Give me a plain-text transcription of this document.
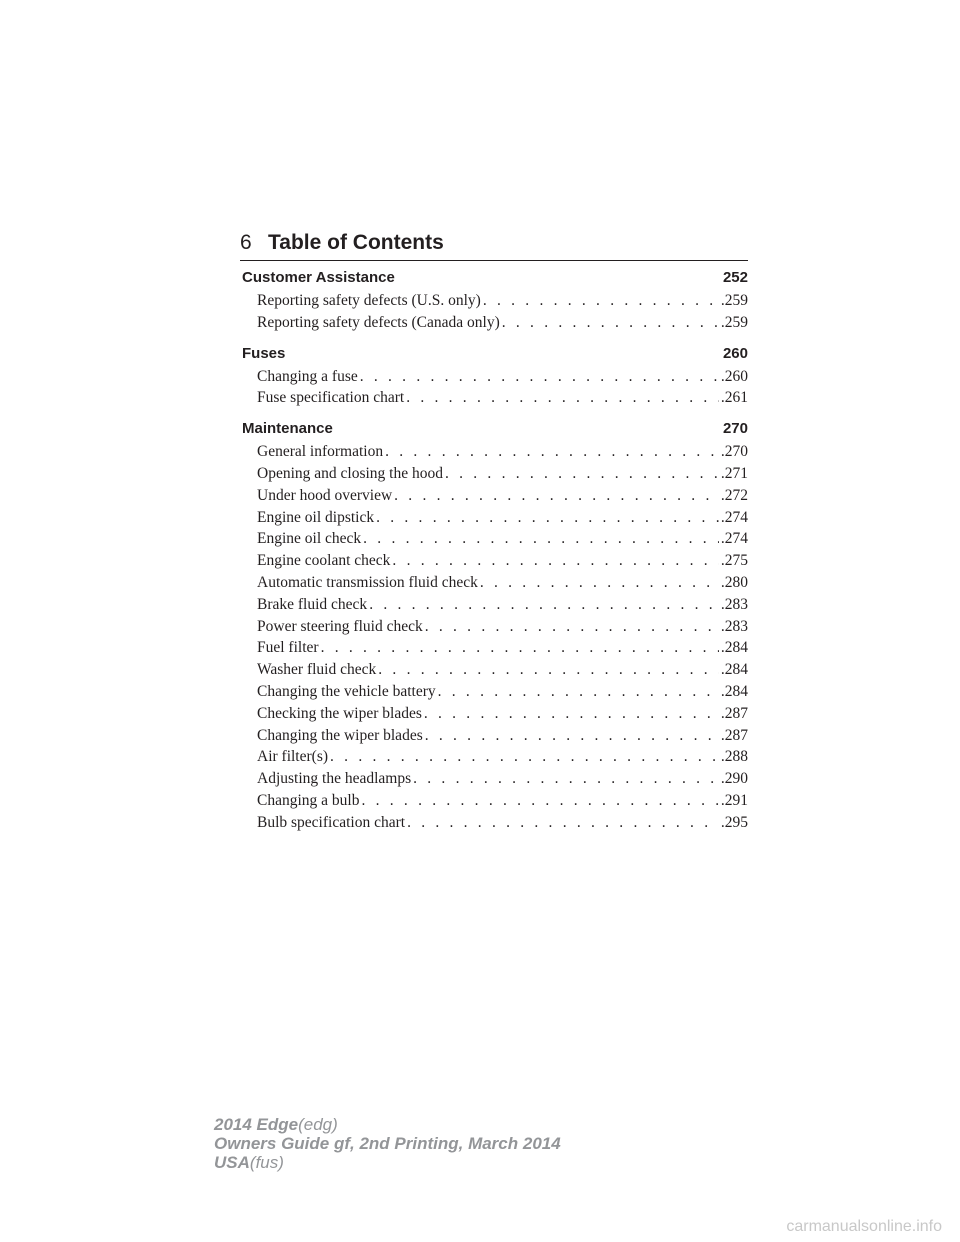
6 Table of Contents
Customer Assistance	252
Reporting safety defects (U.S. only) . . .	.259
Reporting safety defects (Canada only) . . .	.259
Fuses	260
Changing a fuse . . .	.260
Fuse specification chart . . .	.261
Maintenance	270
General information . . .	.270
Opening and closing the hood . . .	.271
Under hood overview . . .	.272
Engine oil dipstick . . .	.274
Engine oil check . . .	.274
Engine coolant check . . .	.275
Automatic transmission fluid check . . .	.280
Brake fluid check . . .	.283
Power steering fluid check . . .	.283
Fuel filter . . .	.284
Washer fluid check . . .	.284
Changing the vehicle battery . . .	.284
Checking the wiper blades . . .	.287
Changing the wiper blades . . .	.287
Air filter(s) . . .	.288
Adjusting the headlamps . . .	.290
Changing a bulb . . .	.291
Bulb specification chart . . .	.295
2014 Edge(edg)
Owners Guide gf, 2nd Printing, March 2014
USA(fus)
carmanualsonline.info
